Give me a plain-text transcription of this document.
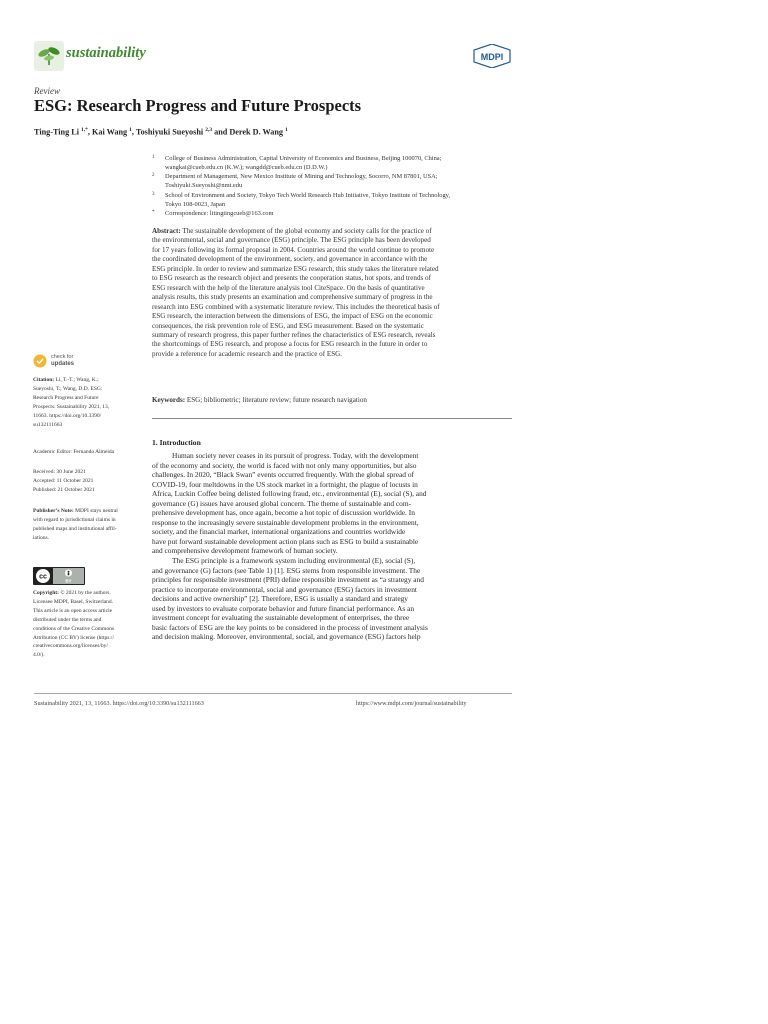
sustainability	MDPI
Review
ESG: Research Progress and Future Prospects
Ting-Ting Li $^{1,*}$, Kai Wang $^1$, Toshiyuki Sueyoshi $^{2,3}$ and Derek D. Wang $^1$
1 College of Business Administration, Capital University of Economics and Business, Beijing 100070, China;
wangkai@cueb.edu.cn (K.W.); wangdd@cueb.edu.cn (D.D.W.)
2 Department of Management, New Mexico Institute of Mining and Technology, Socorro, NM 87801, USA;
Toshiyuki.Sueyoshi@nmt.edu
3 School of Environment and Society, Tokyo Tech World Research Hub Initiative, Tokyo Institute of Technology,
Tokyo 108-0023, Japan
* Correspondence: litingtingcueb@163.com
Abstract: The sustainable development of the global economy and society calls for the practice of
the environmental, social and governance (ESG) principle. The ESG principle has been developed
for 17 years following its formal proposal in 2004. Countries around the world continue to promote
the coordinated development of the environment, society, and governance in accordance with the
ESG principle. In order to review and summarize ESG research, this study takes the literature related
to ESG research as the research object and presents the cooperation status, hot spots, and trends of
ESG research with the help of the literature analysis tool CiteSpace. On the basis of quantitative
analysis results, this study presents an examination and comprehensive summary of progress in the
research into ESG combined with a systematic literature review. This includes the theoretical basis of
ESG research, the interaction between the dimensions of ESG, the impact of ESG on the economic
consequences, the risk prevention role of ESG, and ESG measurement. Based on the systematic
summary of research progress, this paper further refines the characteristics of ESG research, reveals
the shortcomings of ESG research, and propose a focus for ESG research in the future in order to
provide a reference for academic research and the practice of ESG.
Keywords: ESG; bibliometric; literature review; future research navigation
check for
updates
Citation: Li, T.-T.; Wang, K.;
Sueyoshi, T.; Wang, D.D. ESG:
Research Progress and Future
Prospects. Sustainability 2021, 13,
11663. https://doi.org/10.3390/
su132111663
Academic Editor: Fernando Almeida
Received: 30 June 2021
Accepted: 11 October 2021
Published: 21 October 2021
Publisher’s Note: MDPI stays neutral
with regard to jurisdictional claims in
published maps and institutional affil-
iations.
cc
BY
Copyright: © 2021 by the authors.
Licensee MDPI, Basel, Switzerland.
This article is an open access article
distributed under the terms and
conditions of the Creative Commons
Attribution (CC BY) license (https://
creativecommons.org/licenses/by/
4.0/).
1. Introduction
Human society never ceases in its pursuit of progress. Today, with the development
of the economy and society, the world is faced with not only many opportunities, but also
challenges. In 2020, “Black Swan” events occurred frequently. With the global spread of
COVID-19, four meltdowns in the US stock market in a fortnight, the plague of locusts in
Africa, Luckin Coffee being delisted following fraud, etc., environmental (E), social (S), and
governance (G) issues have aroused global concern. The theme of sustainable and com-
prehensive development has, once again, become a hot topic of discussion worldwide. In
response to the increasingly severe sustainable development problems in the environment,
society, and the financial market, international organizations and countries worldwide
have put forward sustainable development action plans such as ESG to build a sustainable
and comprehensive development framework of human society.
The ESG principle is a framework system including environmental (E), social (S),
and governance (G) factors (see Table 1) [1]. ESG stems from responsible investment. The
principles for responsible investment (PRI) define responsible investment as “a strategy and
practice to incorporate environmental, social and governance (ESG) factors in investment
decisions and active ownership” [2]. Therefore, ESG is usually a standard and strategy
used by investors to evaluate corporate behavior and future financial performance. As an
investment concept for evaluating the sustainable development of enterprises, the three
basic factors of ESG are the key points to be considered in the process of investment analysis
and decision making. Moreover, environmental, social, and governance (ESG) factors help
Sustainability 2021, 13, 11663. https://doi.org/10.3390/su132111663	https://www.mdpi.com/journal/sustainability
